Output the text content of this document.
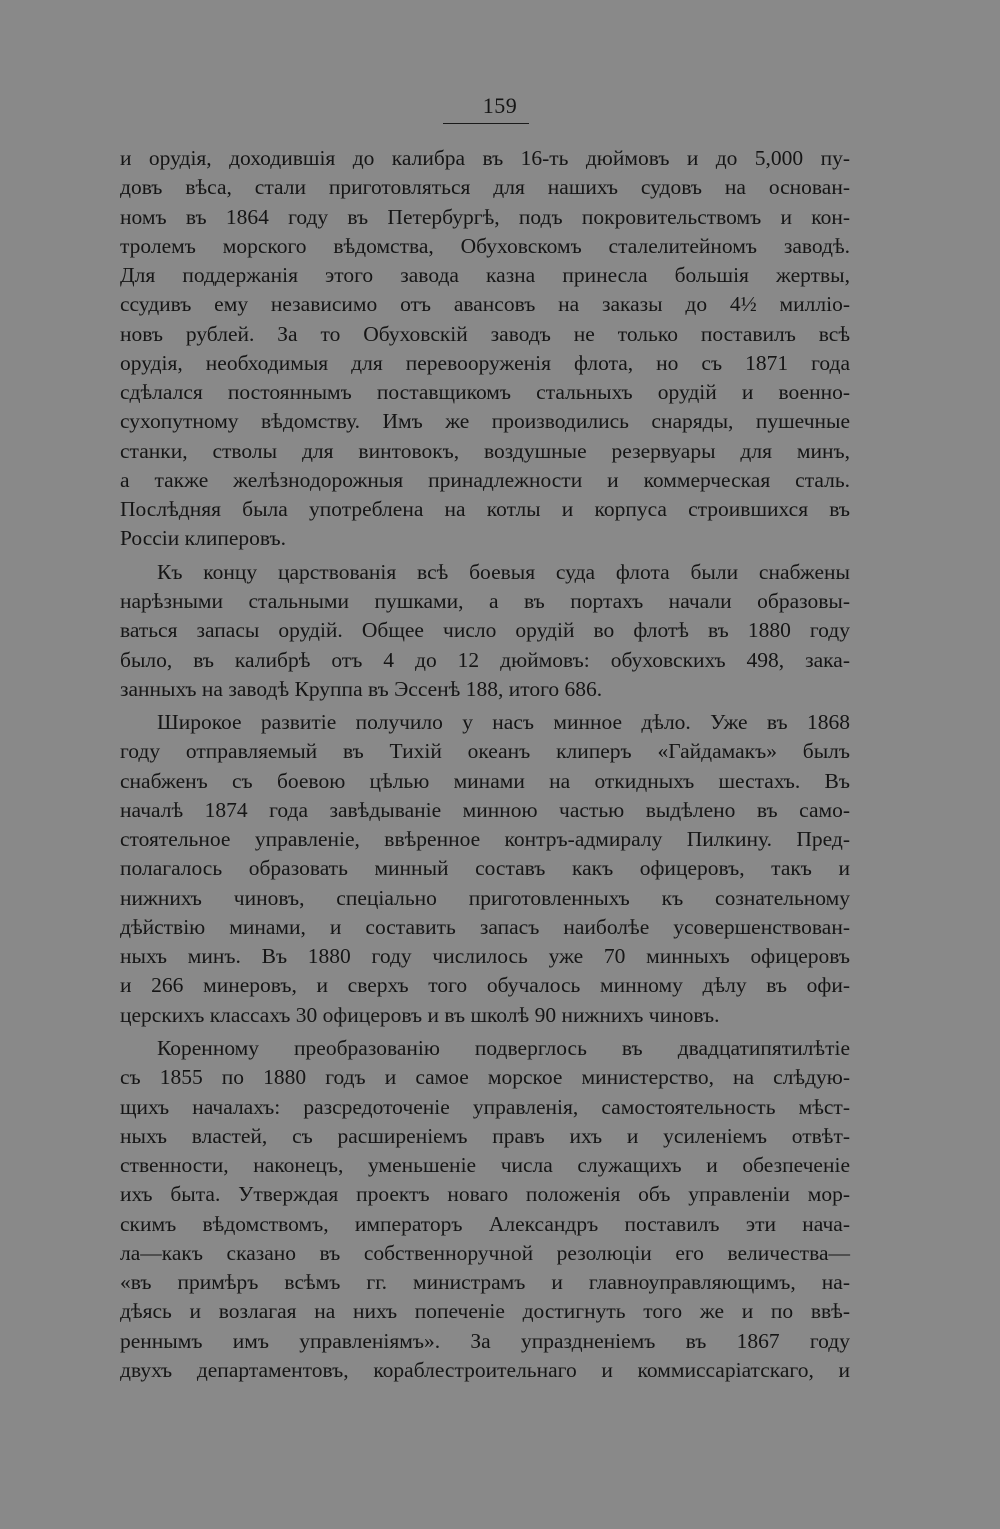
159
и орудія, доходившія до калибра въ 16-ть дюймовъ и до 5,000 пу-
довъ вѣса, стали приготовляться для нашихъ судовъ на основан-
номъ въ 1864 году въ Петербургѣ, подъ покровительствомъ и кон-
тролемъ морского вѣдомства, Обуховскомъ сталелитейномъ заводѣ.
Для поддержанія этого завода казна принесла большія жертвы,
ссудивъ ему независимо отъ авансовъ на заказы до 4½ милліо-
новъ рублей. За то Обуховскій заводъ не только поставилъ всѣ
орудія, необходимыя для перевооруженія флота, но съ 1871 года
сдѣлался постояннымъ поставщикомъ стальныхъ орудій и военно-
сухопутному вѣдомству. Имъ же производились снаряды, пушечные
станки, стволы для винтовокъ, воздушные резервуары для минъ,
а также желѣзнодорожныя принадлежности и коммерческая сталь.
Послѣдняя была употреблена на котлы и корпуса строившихся въ
Россіи клиперовъ.
Къ концу царствованія всѣ боевыя суда флота были снабжены
нарѣзными стальными пушками, а въ портахъ начали образовы-
ваться запасы орудій. Общее число орудій во флотѣ въ 1880 году
было, въ калибрѣ отъ 4 до 12 дюймовъ: обуховскихъ 498, зака-
занныхъ на заводѣ Круппа въ Эссенѣ 188, итого 686.
Широкое развитіе получило у насъ минное дѣло. Уже въ 1868
году отправляемый въ Тихій океанъ клиперъ «Гайдамакъ» былъ
снабженъ съ боевою цѣлью минами на откидныхъ шестахъ. Въ
началѣ 1874 года завѣдываніе минною частью выдѣлено въ само-
стоятельное управленіе, ввѣренное контръ-адмиралу Пилкину. Пред-
полагалось образовать минный составъ какъ офицеровъ, такъ и
нижнихъ чиновъ, спеціально приготовленныхъ къ сознательному
дѣйствію минами, и составить запасъ наиболѣе усовершенствован-
ныхъ минъ. Въ 1880 году числилось уже 70 минныхъ офицеровъ
и 266 минеровъ, и сверхъ того обучалось минному дѣлу въ офи-
церскихъ классахъ 30 офицеровъ и въ школѣ 90 нижнихъ чиновъ.
Коренному преобразованію подверглось въ двадцатипятилѣтіе
съ 1855 по 1880 годъ и самое морское министерство, на слѣдую-
щихъ началахъ: разсредоточеніе управленія, самостоятельность мѣст-
ныхъ властей, съ расширеніемъ правъ ихъ и усиленіемъ отвѣт-
ственности, наконецъ, уменьшеніе числа служащихъ и обезпеченіе
ихъ быта. Утверждая проектъ новаго положенія объ управленіи мор-
скимъ вѣдомствомъ, императоръ Александръ поставилъ эти нача-
ла—какъ сказано въ собственноручной резолюціи его величества—
«въ примѣръ всѣмъ гг. министрамъ и главноуправляющимъ, на-
дѣясь и возлагая на нихъ попеченіе достигнуть того же и по ввѣ-
реннымъ имъ управленіямъ». За упраздненіемъ въ 1867 году
двухъ департаментовъ, кораблестроительнаго и коммиссаріатскаго, и
